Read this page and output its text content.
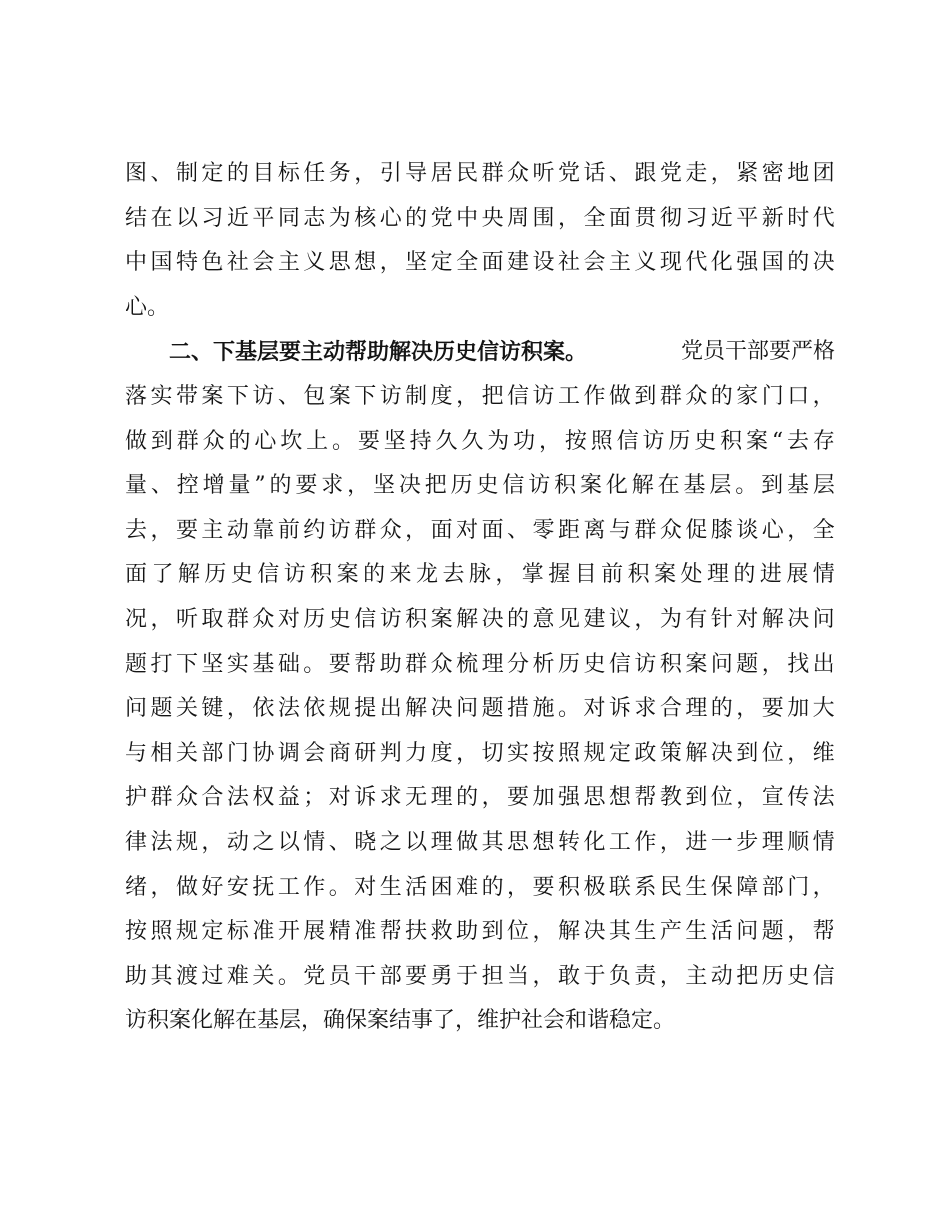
图 、 制 定 的 目 标 任 务 ， 引 导 居 民 群 众 听 党 话 、 跟 党 走 ， 紧 密 地 团
结 在 以 习 近 平 同 志 为 核 心 的 党 中 央 周 围 ， 全 面 贯 彻 习 近 平 新 时 代
中 国 特 色 社 会 主 义 思 想 ， 坚 定 全 面 建 设 社 会 主 义 现 代 化 强 国 的 决
心。
二、下基层要主动帮助解决历史信访积案。	党员干部要严格
落 实 带 案 下 访 、 包 案 下 访 制 度 ， 把 信 访 工 作 做 到 群 众 的 家 门 口 ，
做 到 群 众 的 心 坎 上 。 要 坚 持 久 久 为 功 ， 按 照 信 访 历 史 积 案 “ 去 存
量 、 控 增 量 ” 的 要 求 ， 坚 决 把 历 史 信 访 积 案 化 解 在 基 层 。 到 基 层
去 ， 要 主 动 靠 前 约 访 群 众 ， 面 对 面 、 零 距 离 与 群 众 促 膝 谈 心 ， 全
面 了 解 历 史 信 访 积 案 的 来 龙 去 脉 ， 掌 握 目 前 积 案 处 理 的 进 展 情
况 ， 听 取 群 众 对 历 史 信 访 积 案 解 决 的 意 见 建 议 ， 为 有 针 对 解 决 问
题 打 下 坚 实 基 础 。 要 帮 助 群 众 梳 理 分 析 历 史 信 访 积 案 问 题 ， 找 出
问 题 关 键 ， 依 法 依 规 提 出 解 决 问 题 措 施 。 对 诉 求 合 理 的 ， 要 加 大
与 相 关 部 门 协 调 会 商 研 判 力 度 ， 切 实 按 照 规 定 政 策 解 决 到 位 ， 维
护 群 众 合 法 权 益 ； 对 诉 求 无 理 的 ， 要 加 强 思 想 帮 教 到 位 ， 宣 传 法
律 法 规 ， 动 之 以 情 、 晓 之 以 理 做 其 思 想 转 化 工 作 ， 进 一 步 理 顺 情
绪 ， 做 好 安 抚 工 作 。 对 生 活 困 难 的 ， 要 积 极 联 系 民 生 保 障 部 门 ，
按 照 规 定 标 准 开 展 精 准 帮 扶 救 助 到 位 ， 解 决 其 生 产 生 活 问 题 ， 帮
助 其 渡 过 难 关 。 党 员 干 部 要 勇 于 担 当 ， 敢 于 负 责 ， 主 动 把 历 史 信
访积案化解在基层，确保案结事了，维护社会和谐稳定。
